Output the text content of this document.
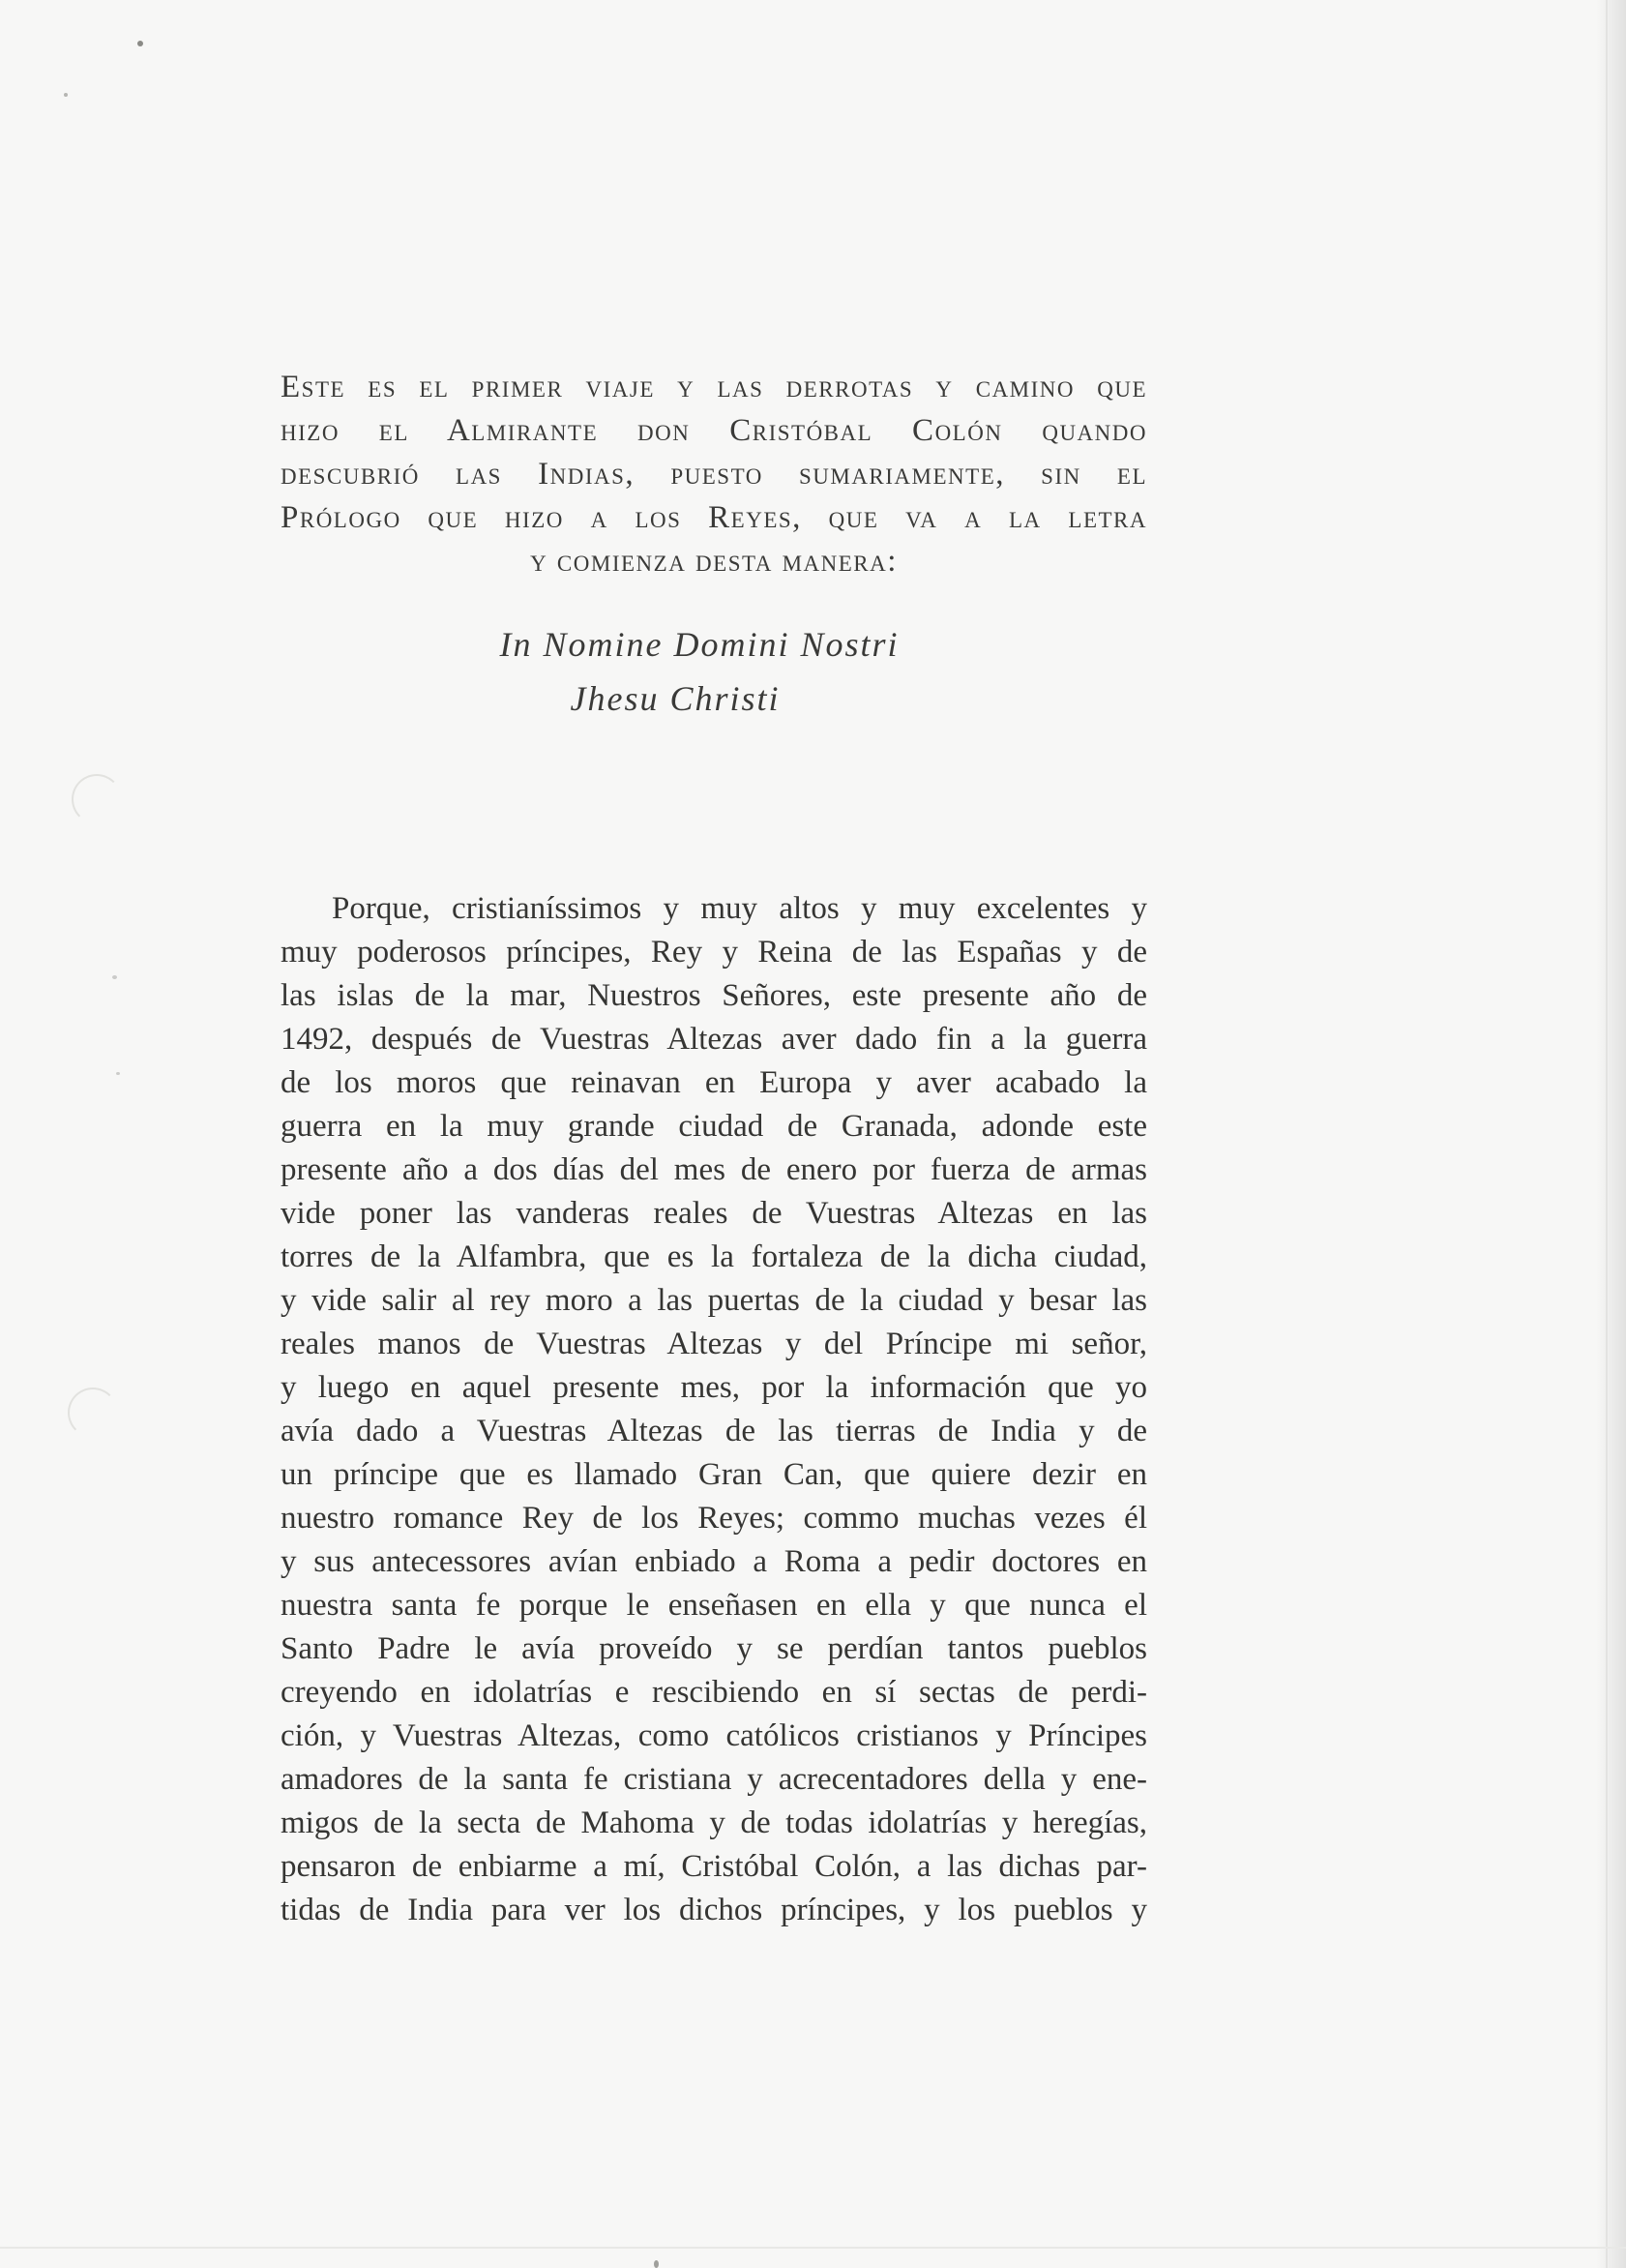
Este es el primer viaje y las derrotas y camino que
hizo el Almirante don Cristóbal Colón quando
descubrió las Indias, puesto sumariamente, sin el
Prólogo que hizo a los Reyes, que va a la letra
y comienza desta manera:
In Nomine Domini Nostri
Jhesu Christi
Porque, cristianíssimos y muy altos y muy excelentes y
muy poderosos príncipes, Rey y Reina de las Españas y de
las islas de la mar, Nuestros Señores, este presente año de
1492, después de Vuestras Altezas aver dado fin a la guerra
de los moros que reinavan en Europa y aver acabado la
guerra en la muy grande ciudad de Granada, adonde este
presente año a dos días del mes de enero por fuerza de armas
vide poner las vanderas reales de Vuestras Altezas en las
torres de la Alfambra, que es la fortaleza de la dicha ciudad,
y vide salir al rey moro a las puertas de la ciudad y besar las
reales manos de Vuestras Altezas y del Príncipe mi señor,
y luego en aquel presente mes, por la información que yo
avía dado a Vuestras Altezas de las tierras de India y de
un príncipe que es llamado Gran Can, que quiere dezir en
nuestro romance Rey de los Reyes; commo muchas vezes él
y sus antecessores avían enbiado a Roma a pedir doctores en
nuestra santa fe porque le enseñasen en ella y que nunca el
Santo Padre le avía proveído y se perdían tantos pueblos
creyendo en idolatrías e rescibiendo en sí sectas de perdi-
ción, y Vuestras Altezas, como católicos cristianos y Príncipes
amadores de la santa fe cristiana y acrecentadores della y ene-
migos de la secta de Mahoma y de todas idolatrías y heregías,
pensaron de enbiarme a mí, Cristóbal Colón, a las dichas par-
tidas de India para ver los dichos príncipes, y los pueblos y
